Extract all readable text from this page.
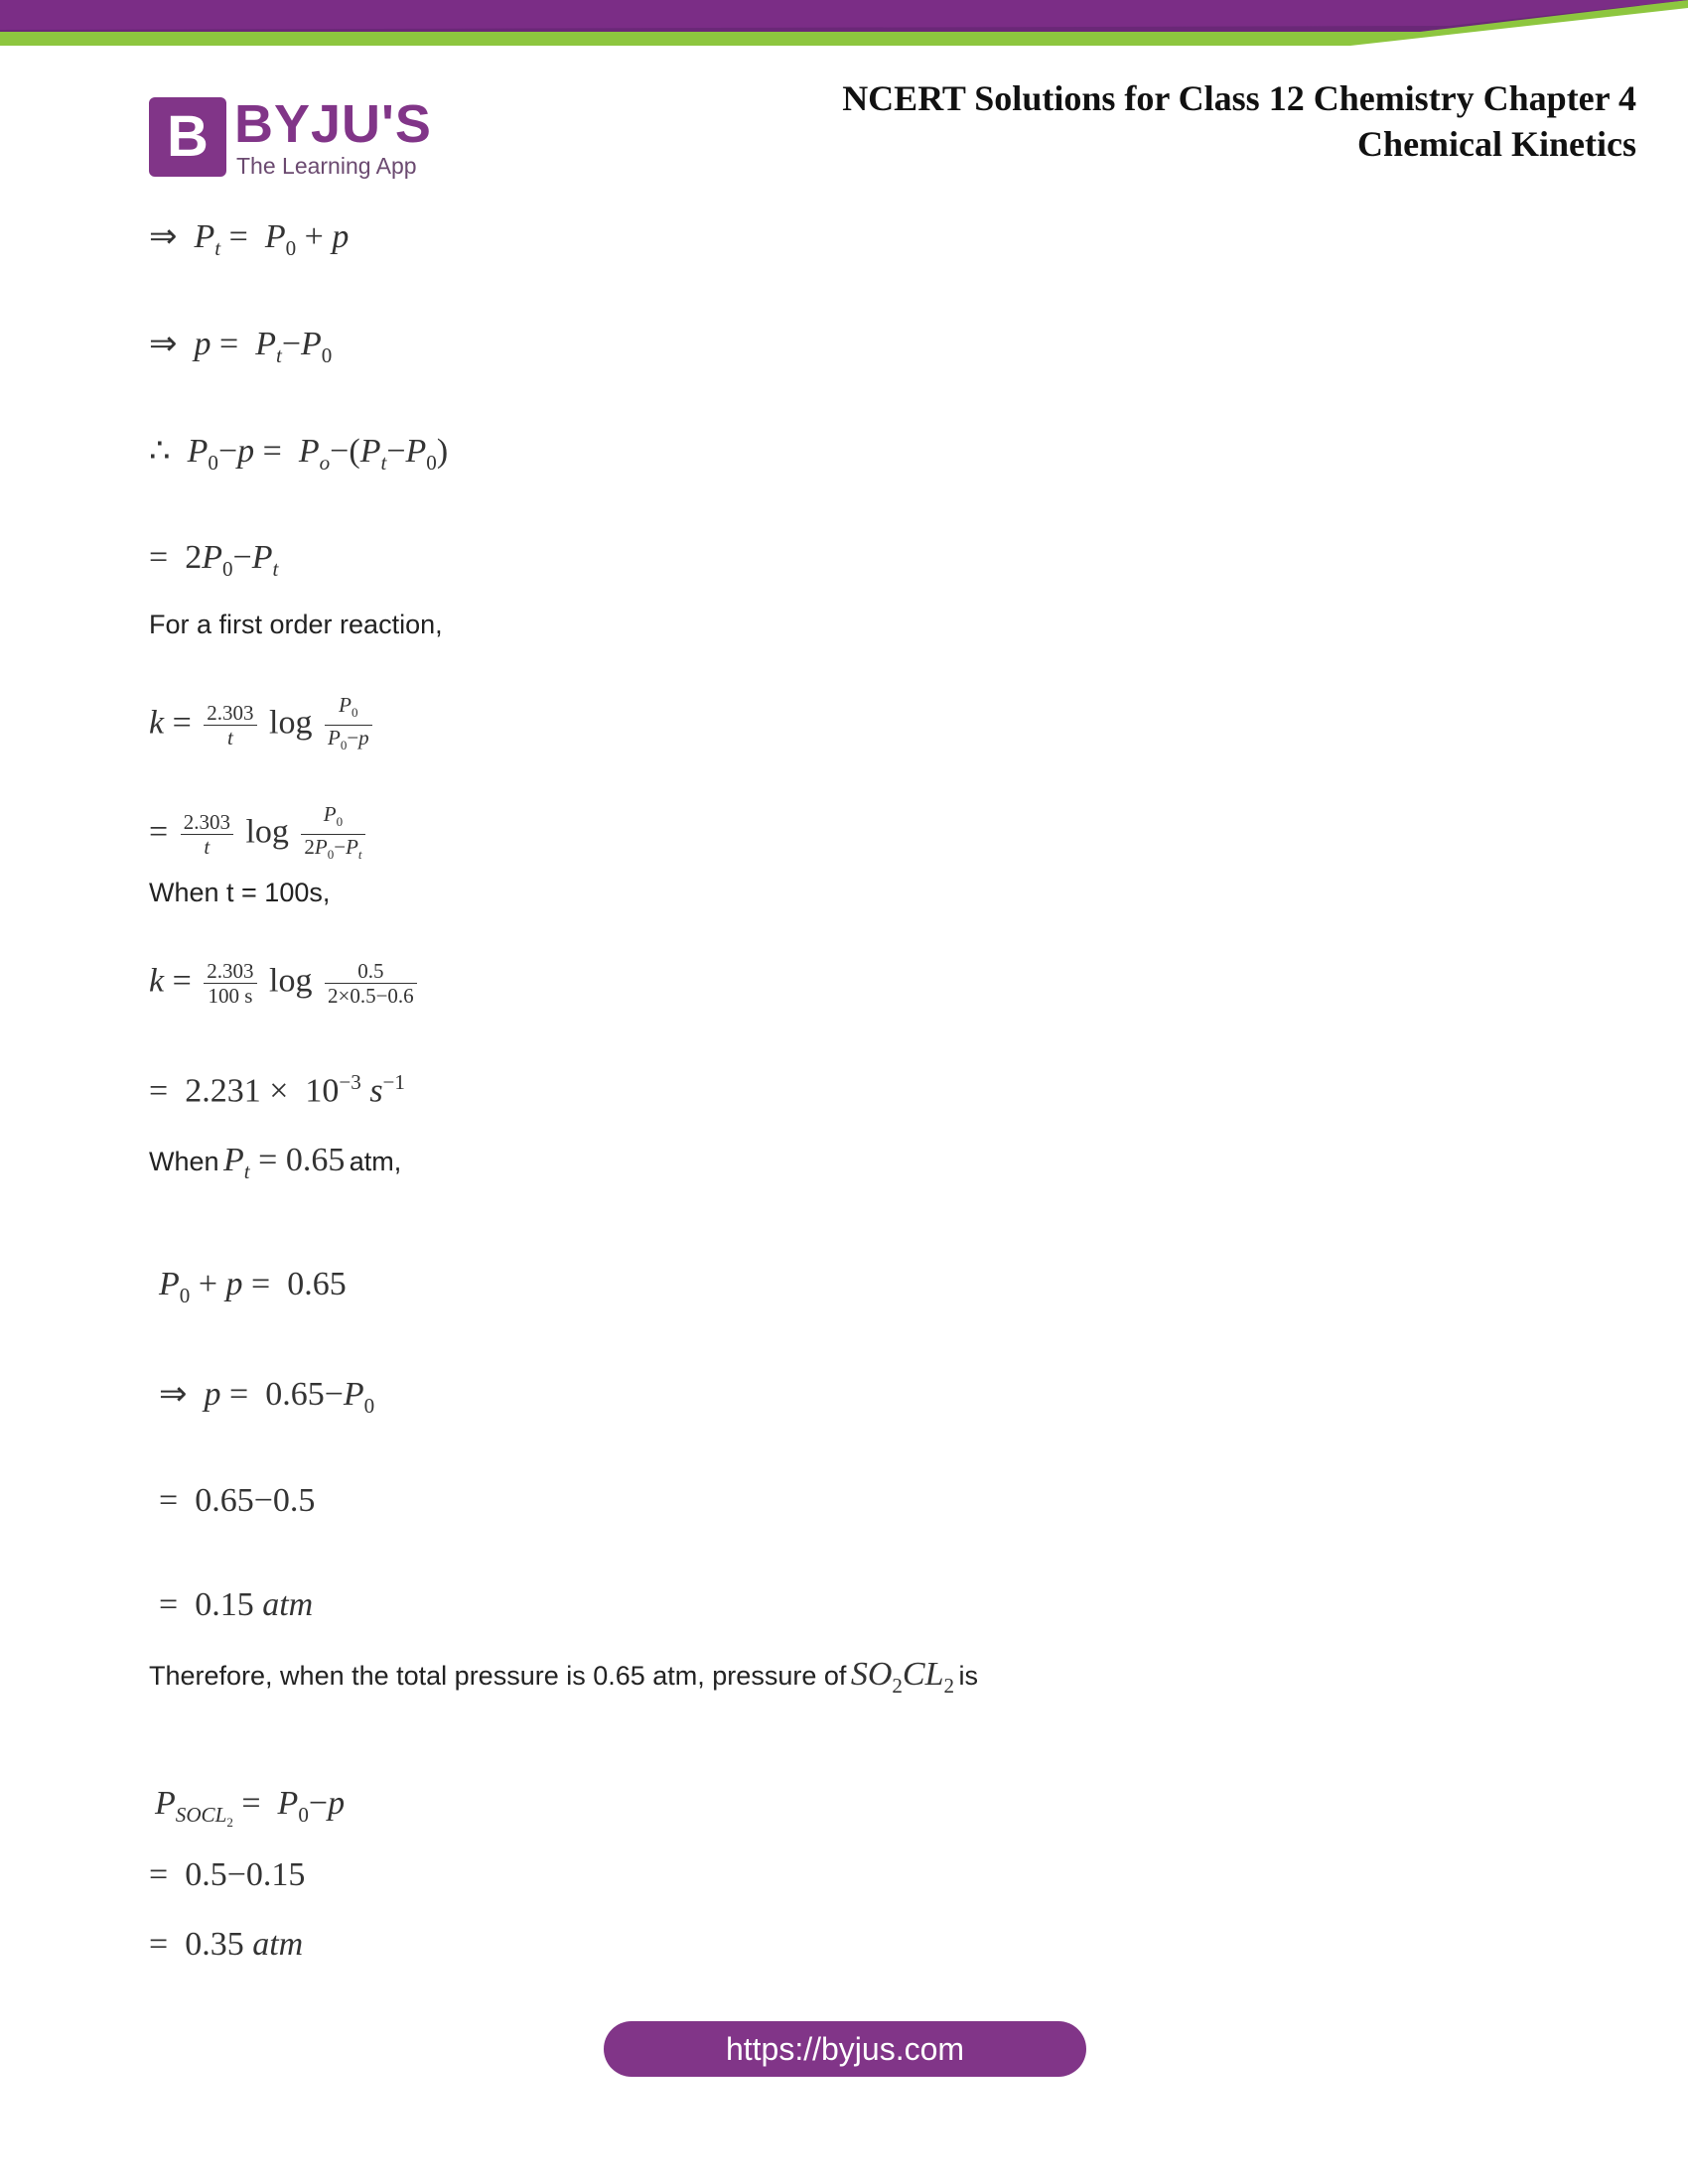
B BYJU'S
The Learning App
NCERT Solutions for Class 12 Chemistry Chapter 4
Chemical Kinetics
⇒ $P_t = P_0 + p$
⇒ $p = P_t-P_0$
∴ $P_0-p = P_o-(P_t-P_0)$
= $2P_0-P_t$
For a first order reaction,
$k = \frac{2.303}{t}$ $\log \frac{P_0}{P_0-p}$
= $\frac{2.303}{t}$ $\log \frac{P_0}{2P_0-P_t}$
When t = 100s,
$k = \frac{2.303}{100 s}$ $\log \frac{0.5}{2\times 0.5-0.6}$
= $2.231 \times 10^{-3}$ $s^{-1}$
When $P_t = 0.65$ atm,
$P_0 + p = 0.65$
⇒ $p = 0.65-P_0$
= 0.65−0.5
= 0.15 atm
Therefore, when the total pressure is 0.65 atm, pressure of $SO_2CL_2$ is
$P_{SOCL_2} = P_0-p$
= 0.5−0.15
= 0.35 atm
https://byjus.com
